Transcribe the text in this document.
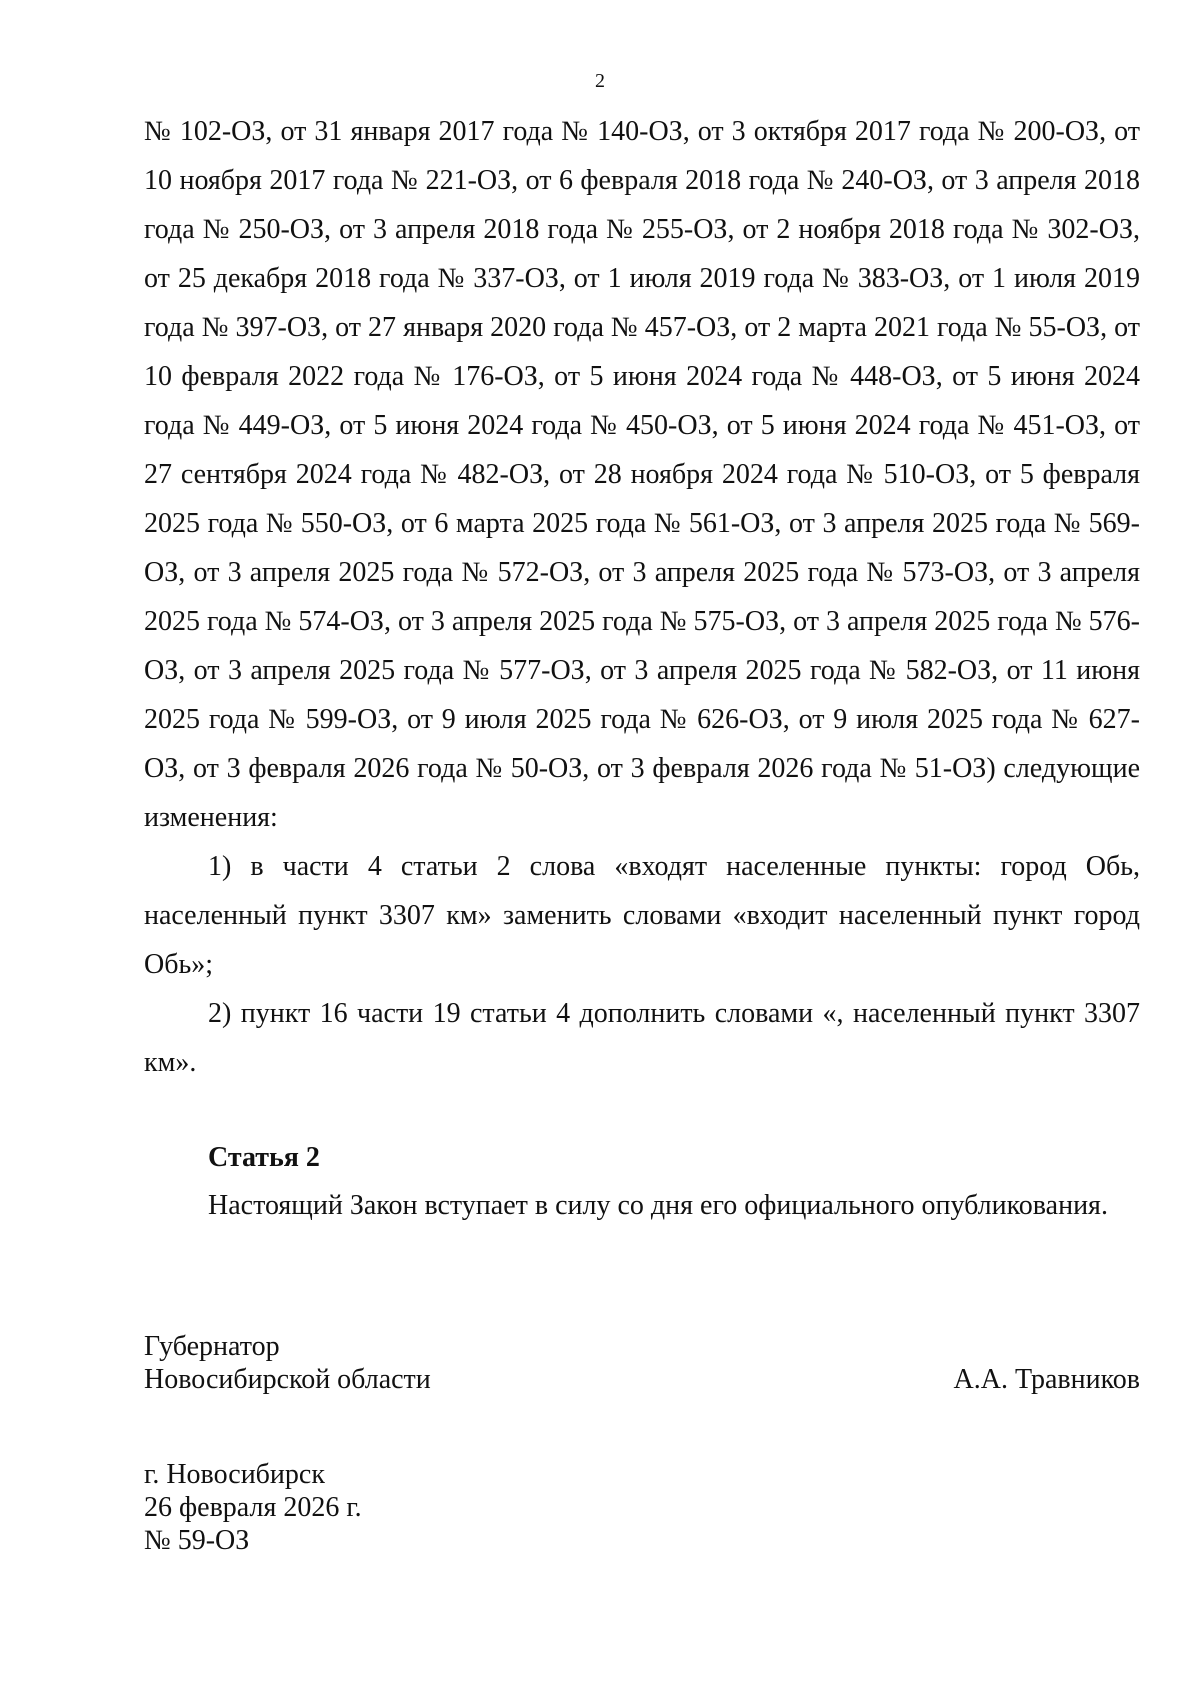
2

№ 102-ОЗ, от 31 января 2017 года № 140-ОЗ, от 3 октября 2017 года № 200-ОЗ, от 10 ноября 2017 года № 221-ОЗ, от 6 февраля 2018 года № 240-ОЗ, от 3 апреля 2018 года № 250-ОЗ, от 3 апреля 2018 года № 255-ОЗ, от 2 ноября 2018 года № 302-ОЗ, от 25 декабря 2018 года № 337-ОЗ, от 1 июля 2019 года № 383-ОЗ, от 1 июля 2019 года № 397-ОЗ, от 27 января 2020 года № 457-ОЗ, от 2 марта 2021 года № 55-ОЗ, от 10 февраля 2022 года № 176-ОЗ, от 5 июня 2024 года № 448-ОЗ, от 5 июня 2024 года № 449-ОЗ, от 5 июня 2024 года № 450-ОЗ, от 5 июня 2024 года № 451-ОЗ, от 27 сентября 2024 года № 482-ОЗ, от 28 ноября 2024 года № 510-ОЗ, от 5 февраля 2025 года № 550-ОЗ, от 6 марта 2025 года № 561-ОЗ, от 3 апреля 2025 года № 569-ОЗ, от 3 апреля 2025 года № 572-ОЗ, от 3 апреля 2025 года № 573-ОЗ, от 3 апреля 2025 года № 574-ОЗ, от 3 апреля 2025 года № 575-ОЗ, от 3 апреля 2025 года № 576-ОЗ, от 3 апреля 2025 года № 577-ОЗ, от 3 апреля 2025 года № 582-ОЗ, от 11 июня 2025 года № 599-ОЗ, от 9 июля 2025 года № 626-ОЗ, от 9 июля 2025 года № 627-ОЗ, от 3 февраля 2026 года № 50-ОЗ, от 3 февраля 2026 года № 51-ОЗ) следующие изменения:

1) в части 4 статьи 2 слова «входят населенные пункты: город Обь, населенный пункт 3307 км» заменить словами «входит населенный пункт город Обь»;

2) пункт 16 части 19 статьи 4 дополнить словами «, населенный пункт 3307 км».

Статья 2
Настоящий Закон вступает в силу со дня его официального опубликования.
Губернатор
Новосибирской области	А.А. Травников
г. Новосибирск
26 февраля 2026 г.
№ 59-ОЗ
